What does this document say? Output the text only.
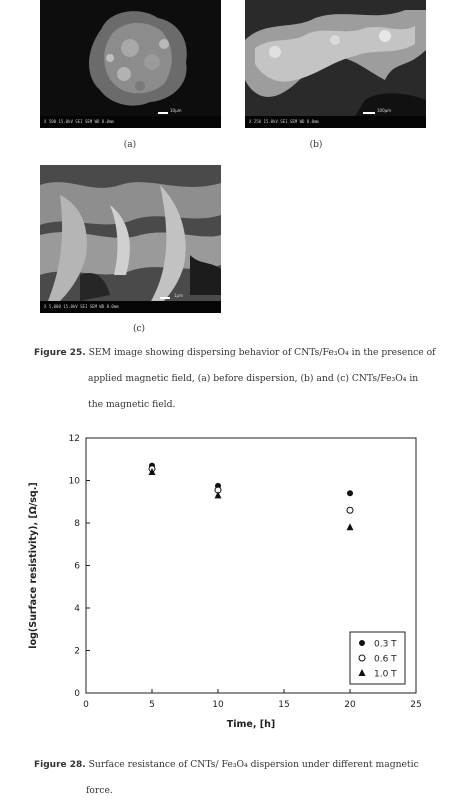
10μm
X 500 15.0kV SEI SEM WD 8.0mm
(a)
100μm
X 250 15.0kV SEI SEM WD 8.0mm
(b)
1μm
X 5,000 15.0kV SEI SEM WD 8.0mm
(c)
Figure 25. SEM image showing dispersing behavior of CNTs/Fe₃O₄ in the presence of
applied magnetic field, (a) before dispersion, (b) and (c) CNTs/Fe₃O₄ in
the magnetic field.
0	5	10	15	20	25
0
2
4
6
8
10
12
Time, [h]
log(Surface resistivity), [Ω/sq.]	0.3 T
0.6 T
1.0 T
Figure 28. Surface resistance of CNTs/ Fe₃O₄ dispersion under different magnetic
force.
